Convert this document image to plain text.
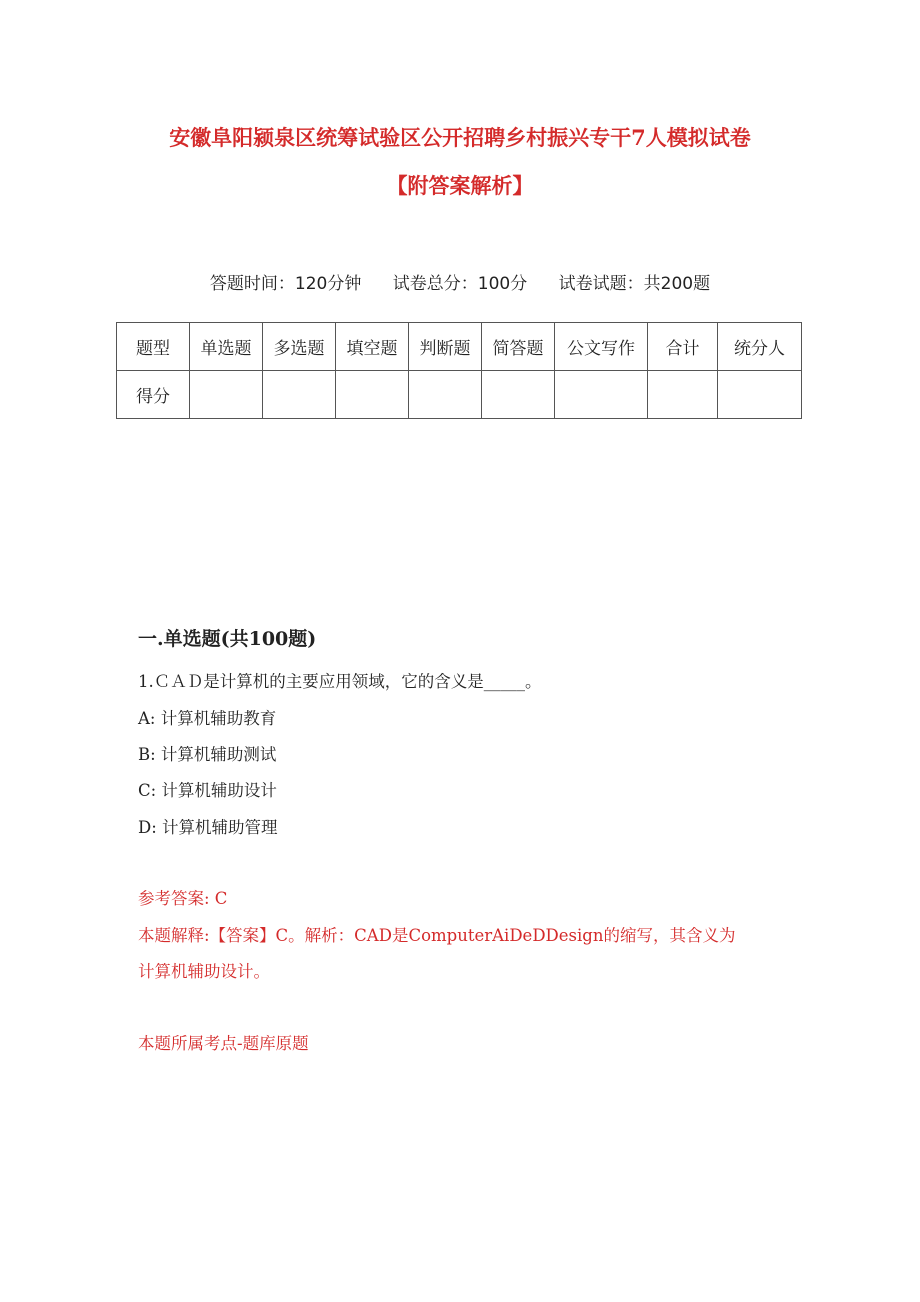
安徽阜阳颍泉区统筹试验区公开招聘乡村振兴专干7人模拟试卷
【附答案解析】
答题时间：120分钟 试卷总分：100分 试卷试题：共200题
题型	单选题	多选题	填空题	判断题	简答题	公文写作	合计	统分人
得分								
一.单选题(共100题)
1.ＣＡＤ是计算机的主要应用领域，它的含义是_____。
A: 计算机辅助教育
B: 计算机辅助测试
C: 计算机辅助设计
D: 计算机辅助管理
参考答案: C
本题解释:【答案】C。解析：CAD是ComputerAiDeDDesign的缩写，其含义为
计算机辅助设计。
本题所属考点-题库原题
